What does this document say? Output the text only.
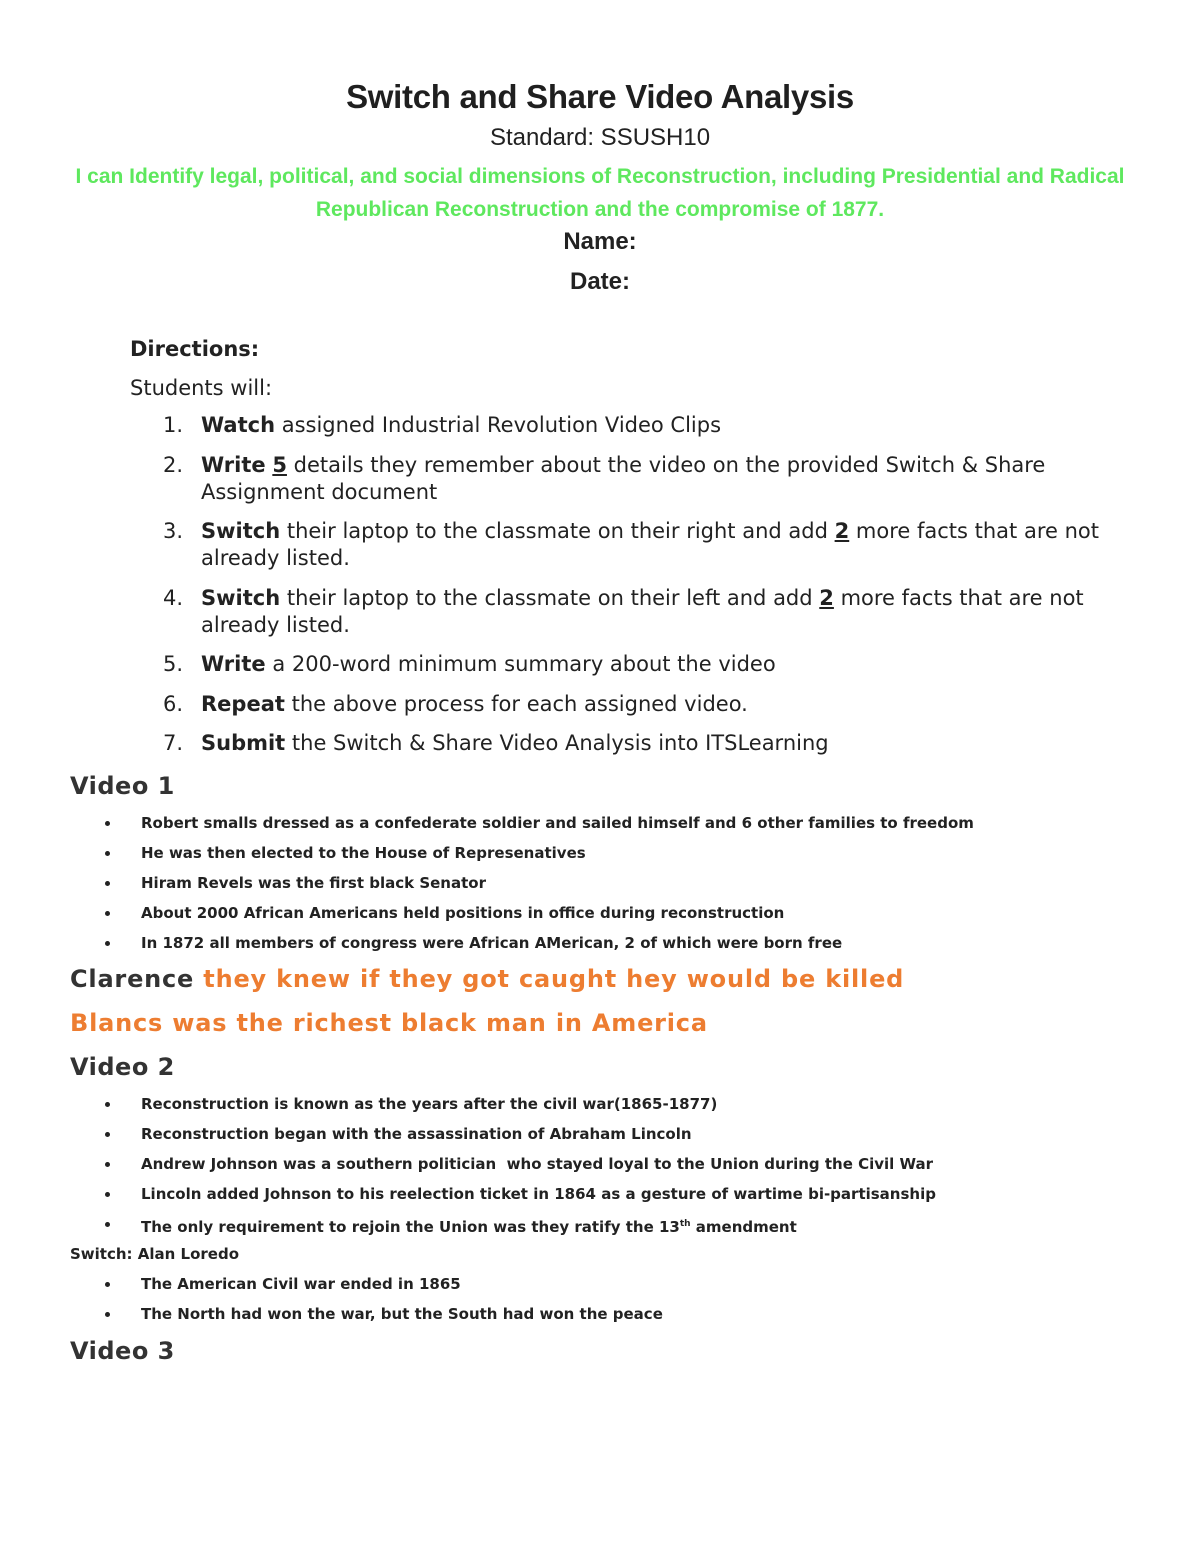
Switch and Share Video Analysis
Standard: SSUSH10
I can Identify legal, political, and social dimensions of Reconstruction, including Presidential and Radical Republican Reconstruction and the compromise of 1877.
Name:
Date:
Directions:
Students will:
1. Watch assigned Industrial Revolution Video Clips
2. Write 5 details they remember about the video on the provided Switch & Share Assignment document
3. Switch their laptop to the classmate on their right and add 2 more facts that are not already listed.
4. Switch their laptop to the classmate on their left and add 2 more facts that are not already listed.
5. Write a 200-word minimum summary about the video
6. Repeat the above process for each assigned video.
7. Submit the Switch & Share Video Analysis into ITSLearning
Video 1
Robert smalls dressed as a confederate soldier and sailed himself and 6 other families to freedom
He was then elected to the House of Represenatives
Hiram Revels was the first black Senator
About 2000 African Americans held positions in office during reconstruction
In 1872 all members of congress were African AMerican, 2 of which were born free
Clarence they knew if they got caught hey would be killed
Blancs was the richest black man in America
Video 2
Reconstruction is known as the years after the civil war(1865-1877)
Reconstruction began with the assassination of Abraham Lincoln
Andrew Johnson was a southern politician  who stayed loyal to the Union during the Civil War
Lincoln added Johnson to his reelection ticket in 1864 as a gesture of wartime bi-partisanship
The only requirement to rejoin the Union was they ratify the 13th amendment
Switch: Alan Loredo
The American Civil war ended in 1865
The North had won the war, but the South had won the peace
Video 3
